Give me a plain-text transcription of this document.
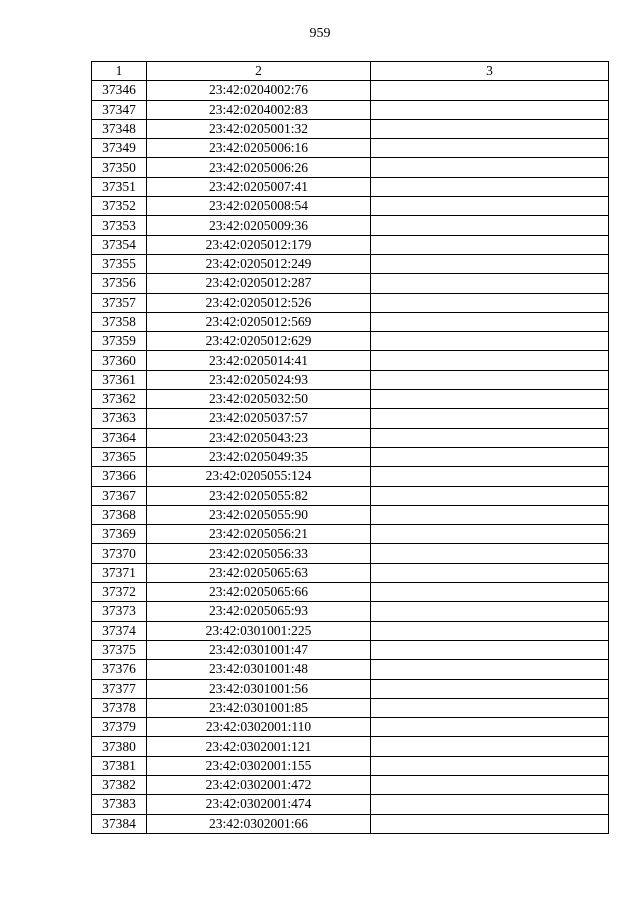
959
1	2	3
37346	23:42:0204002:76	
37347	23:42:0204002:83	
37348	23:42:0205001:32	
37349	23:42:0205006:16	
37350	23:42:0205006:26	
37351	23:42:0205007:41	
37352	23:42:0205008:54	
37353	23:42:0205009:36	
37354	23:42:0205012:179	
37355	23:42:0205012:249	
37356	23:42:0205012:287	
37357	23:42:0205012:526	
37358	23:42:0205012:569	
37359	23:42:0205012:629	
37360	23:42:0205014:41	
37361	23:42:0205024:93	
37362	23:42:0205032:50	
37363	23:42:0205037:57	
37364	23:42:0205043:23	
37365	23:42:0205049:35	
37366	23:42:0205055:124	
37367	23:42:0205055:82	
37368	23:42:0205055:90	
37369	23:42:0205056:21	
37370	23:42:0205056:33	
37371	23:42:0205065:63	
37372	23:42:0205065:66	
37373	23:42:0205065:93	
37374	23:42:0301001:225	
37375	23:42:0301001:47	
37376	23:42:0301001:48	
37377	23:42:0301001:56	
37378	23:42:0301001:85	
37379	23:42:0302001:110	
37380	23:42:0302001:121	
37381	23:42:0302001:155	
37382	23:42:0302001:472	
37383	23:42:0302001:474	
37384	23:42:0302001:66	
